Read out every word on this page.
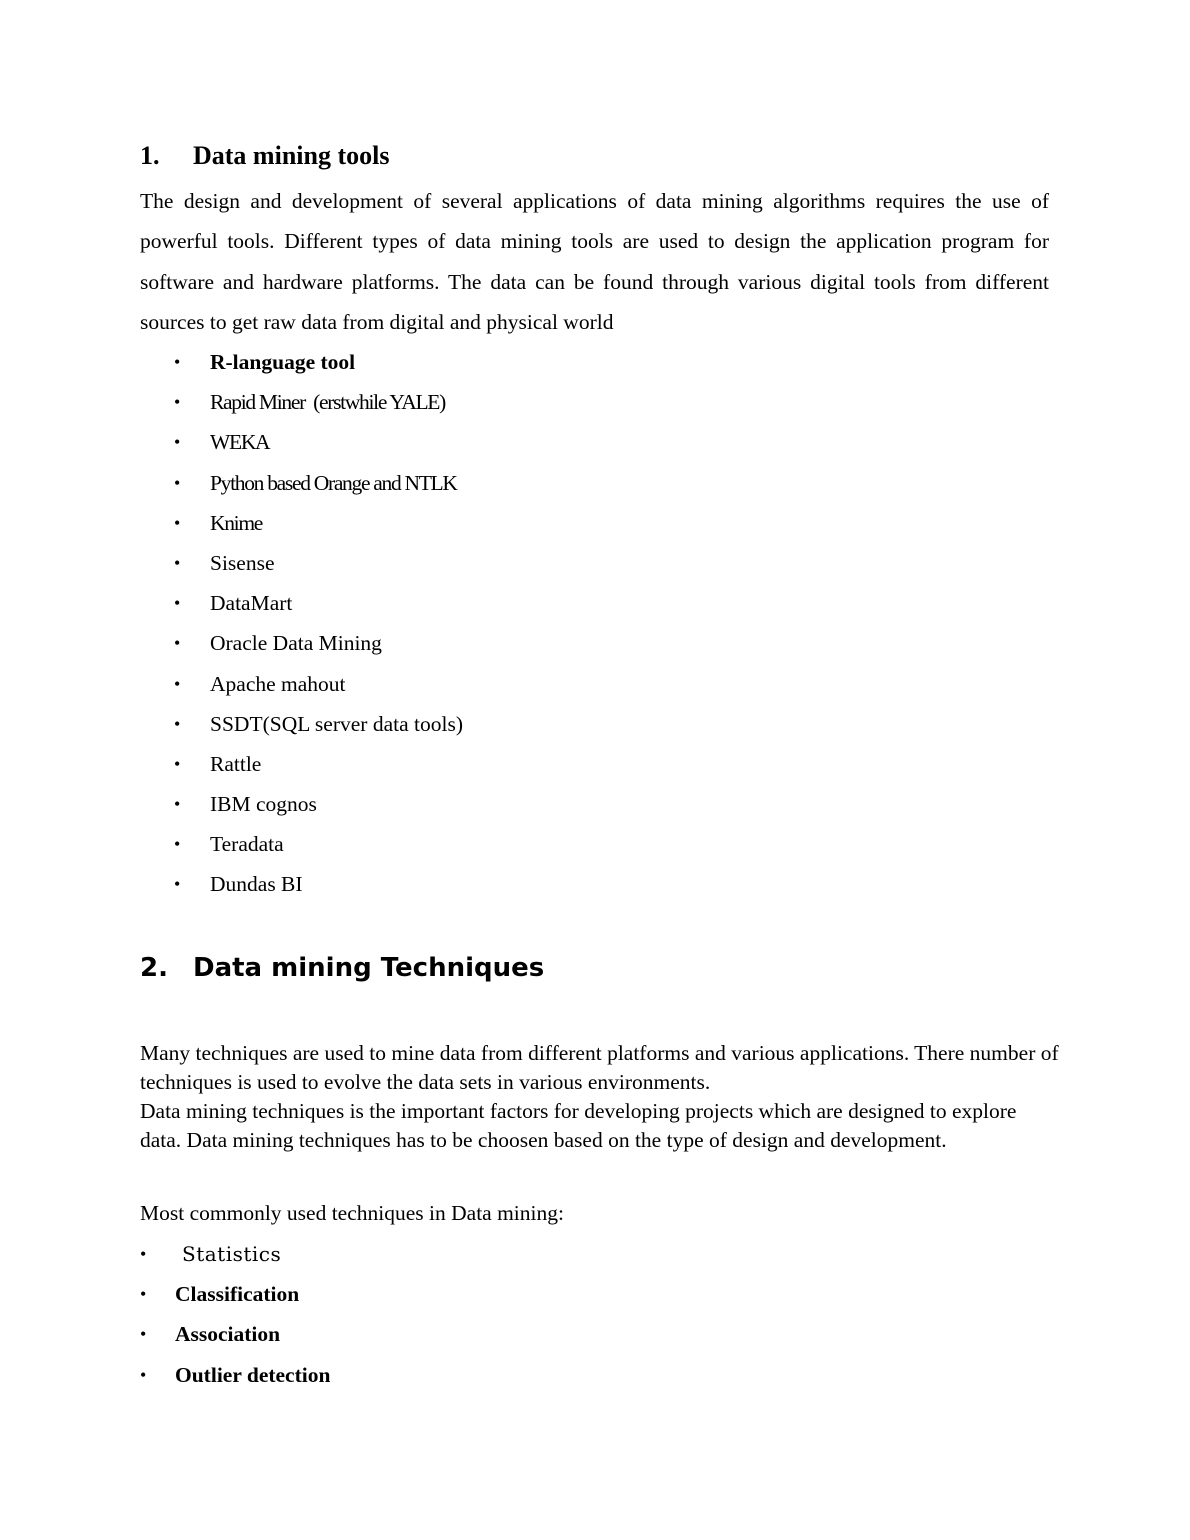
1. Data mining tools
The design and development of several applications of data mining algorithms requires the use of powerful tools. Different types of data mining tools are used to design the application program for software and hardware platforms. The data can be found through various digital tools from different sources to get raw data from digital and physical world
• R-language tool
• Rapid Miner  (erstwhile YALE)
• WEKA
• Python based Orange and NTLK
• Knime
• Sisense
• DataMart
• Oracle Data Mining
• Apache mahout
• SSDT(SQL server data tools)
• Rattle
• IBM cognos
• Teradata
• Dundas BI
2. Data mining Techniques
Many techniques are used to mine data from different platforms and various applications. There number of techniques is used to evolve the data sets in various environments.
Data mining techniques is the important factors for developing projects which are designed to explore data. Data mining techniques has to be choosen based on the type of design and development.
Most commonly used techniques in Data mining:
•	Statistics
• Classification
• Association
• Outlier detection
